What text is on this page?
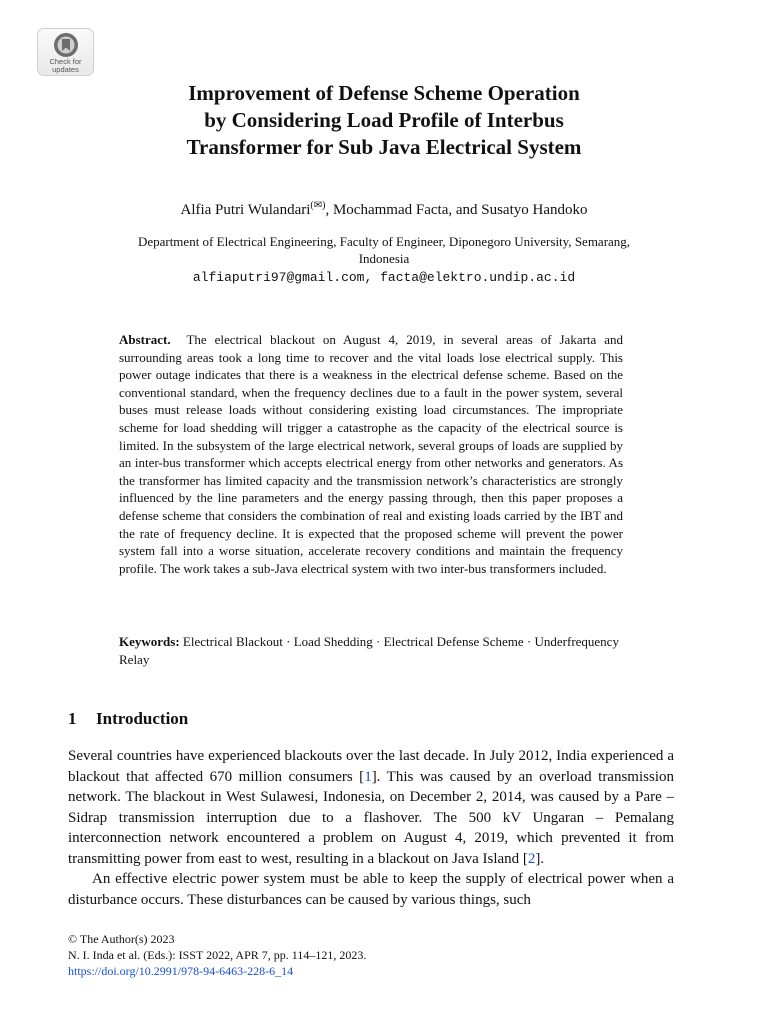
Check for
updates
Improvement of Defense Scheme Operation
by Considering Load Profile of Interbus
Transformer for Sub Java Electrical System
Alfia Putri Wulandari(✉), Mochammad Facta, and Susatyo Handoko
Department of Electrical Engineering, Faculty of Engineer, Diponegoro University, Semarang,
Indonesia
alfiaputri97@gmail.com, facta@elektro.undip.ac.id
Abstract. The electrical blackout on August 4, 2019, in several areas of Jakarta and surrounding areas took a long time to recover and the vital loads lose electrical supply. This power outage indicates that there is a weakness in the electrical defense scheme. Based on the conventional standard, when the frequency declines due to a fault in the power system, several buses must release loads without considering existing load circumstances. The impropriate scheme for load shedding will trigger a catastrophe as the capacity of the electrical source is limited. In the subsystem of the large electrical network, several groups of loads are supplied by an inter-bus transformer which accepts electrical energy from other networks and generators. As the transformer has limited capacity and the transmission network’s characteristics are strongly influenced by the line parameters and the energy passing through, then this paper proposes a defense scheme that considers the combination of real and existing loads carried by the IBT and the rate of frequency decline. It is expected that the proposed scheme will prevent the power system fall into a worse situation, accelerate recovery conditions and maintain the frequency profile. The work takes a sub-Java electrical system with two inter-bus transformers included.
Keywords: Electrical Blackout · Load Shedding · Electrical Defense Scheme · Underfrequency Relay
1 Introduction

Several countries have experienced blackouts over the last decade. In July 2012, India experienced a blackout that affected 670 million consumers [1]. This was caused by an overload transmission network. The blackout in West Sulawesi, Indonesia, on December 2, 2014, was caused by a Pare – Sidrap transmission interruption due to a flashover. The 500 kV Ungaran – Pemalang interconnection network encountered a problem on August 4, 2019, which prevented it from transmitting power from east to west, resulting in a blackout on Java Island [2].

An effective electric power system must be able to keep the supply of electrical power when a disturbance occurs. These disturbances can be caused by various things, such

© The Author(s) 2023
N. I. Inda et al. (Eds.): ISST 2022, APR 7, pp. 114–121, 2023.
https://doi.org/10.2991/978-94-6463-228-6_14
